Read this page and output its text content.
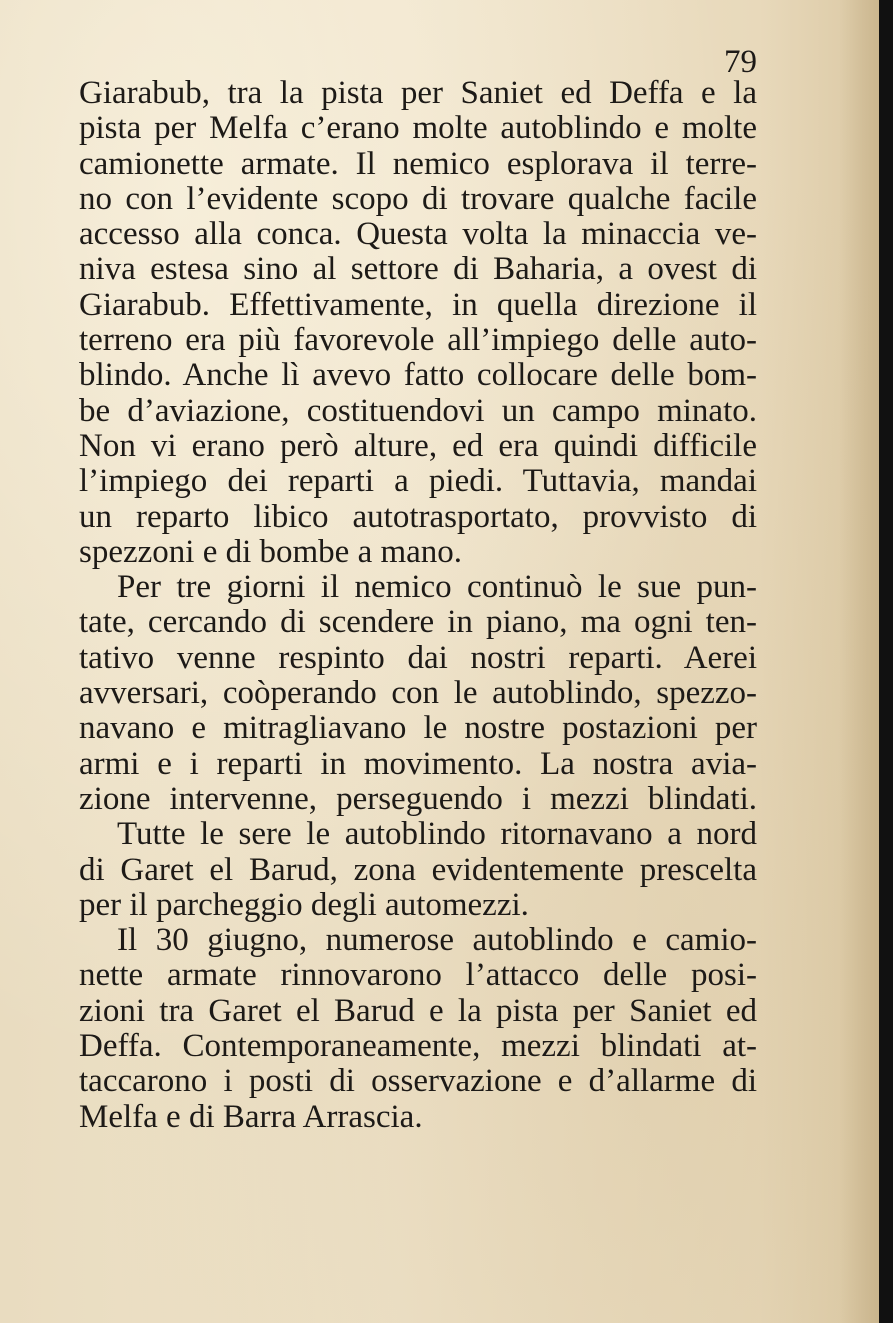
79
Giarabub, tra la pista per Saniet ed Deffa e la
pista per Melfa c’erano molte autoblindo e molte
camionette armate. Il nemico esplorava il terre-
no con l’evidente scopo di trovare qualche facile
accesso alla conca. Questa volta la minaccia ve-
niva estesa sino al settore di Baharia, a ovest di
Giarabub. Effettivamente, in quella direzione il
terreno era più favorevole all’impiego delle auto-
blindo. Anche lì avevo fatto collocare delle bom-
be d’aviazione, costituendovi un campo minato.
Non vi erano però alture, ed era quindi difficile
l’impiego dei reparti a piedi. Tuttavia, mandai
un reparto libico autotrasportato, provvisto di
spezzoni e di bombe a mano.
Per tre giorni il nemico continuò le sue pun-
tate, cercando di scendere in piano, ma ogni ten-
tativo venne respinto dai nostri reparti. Aerei
avversari, coòperando con le autoblindo, spezzo-
navano e mitragliavano le nostre postazioni per
armi e i reparti in movimento. La nostra avia-
zione intervenne, perseguendo i mezzi blindati.
Tutte le sere le autoblindo ritornavano a nord
di Garet el Barud, zona evidentemente prescelta
per il parcheggio degli automezzi.
Il 30 giugno, numerose autoblindo e camio-
nette armate rinnovarono l’attacco delle posi-
zioni tra Garet el Barud e la pista per Saniet ed
Deffa. Contemporaneamente, mezzi blindati at-
taccarono i posti di osservazione e d’allarme di
Melfa e di Barra Arrascia.
